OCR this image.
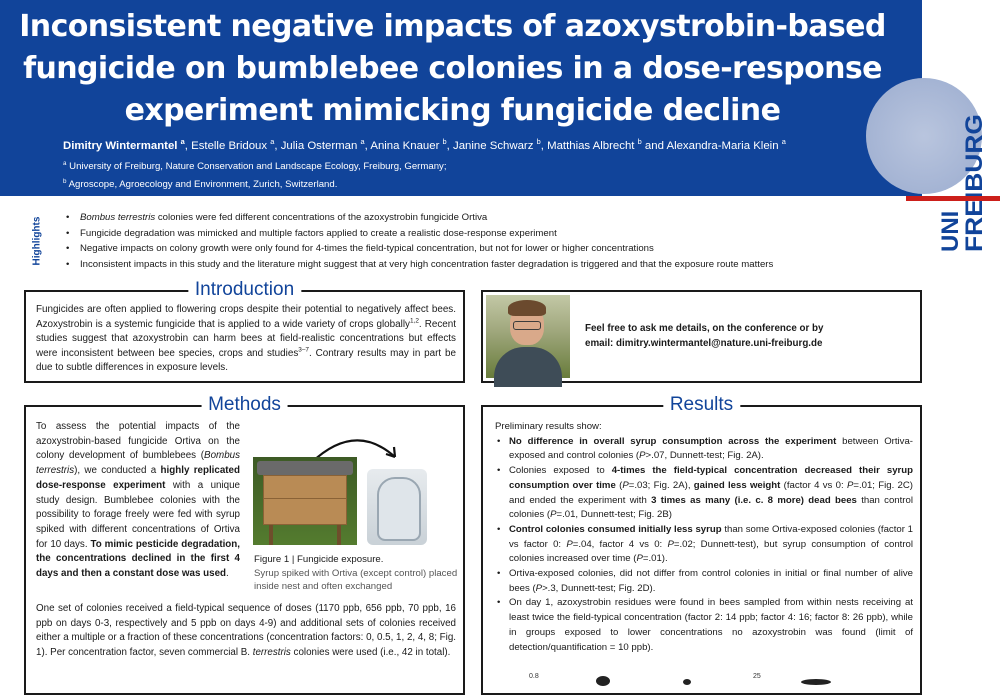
Inconsistent negative impacts of azoxystrobin-based
fungicide on bumblebee colonies in a dose-response
experiment mimicking fungicide decline
Dimitry Wintermantel $^a$, Estelle Bridoux $^a$, Julia Osterman $^a$, Anina Knauer $^b$, Janine Schwarz $^b$, Matthias Albrecht $^b$ and Alexandra-Maria Klein $^a$
$^a$ University of Freiburg, Nature Conservation and Landscape Ecology, Freiburg, Germany;
$^b$ Agroscope, Agroecology and Environment, Zurich, Switzerland.
UNI
FREIBURG
Highlights
•	Bombus terrestris colonies were fed different concentrations of the azoxystrobin fungicide Ortiva
• Fungicide degradation was mimicked and multiple factors applied to create a realistic dose-response experiment
• Negative impacts on colony growth were only found for 4-times the field-typical concentration, but not for lower or higher concentrations
• Inconsistent impacts in this study and the literature might suggest that at very high concentration faster degradation is triggered and that the exposure route matters
Introduction

Fungicides are often applied to flowering crops despite their potential to negatively affect bees. Azoxystrobin is a systemic fungicide that is applied to a wide variety of crops globally$^{1,2}$. Recent studies suggest that azoxystrobin can harm bees at field-realistic concentrations but effects were inconsistent between bee species, crops and studies$^{3-7}$. Contrary results may in part be due to subtle differences in exposure levels.

Feel free to ask me details, on the conference or by
email: dimitry.wintermantel@nature.uni-freiburg.de
Methods

To assess the potential impacts of the azoxystrobin-based fungicide Ortiva on the colony development of bumblebees (Bombus terrestris), we conducted a highly replicated dose-response experiment with a unique study design. Bumblebee colonies with the possibility to forage freely were fed with syrup spiked with different concentrations of Ortiva for 10 days. To mimic pesticide degradation, the concentrations declined in the first 4 days and then a constant dose was used.

Figure 1 | Fungicide exposure.
Syrup spiked with Ortiva (except control) placed inside nest and often exchanged

One set of colonies received a field-typical sequence of doses (1170 ppb, 656 ppb, 70 ppb, 16 ppb on days 0-3, respectively and 5 ppb on days 4-9) and additional sets of colonies received either a multiple or a fraction of these concentrations (concentration factors: 0, 0.5, 1, 2, 4, 8; Fig. 1). Per concentration factor, seven commercial B. terrestris colonies were used (i.e., 42 in total).

Results
Preliminary results show:
• No difference in overall syrup consumption across the experiment between Ortiva-exposed and control colonies (P>.07, Dunnett-test; Fig. 2A).
• Colonies exposed to 4-times the field-typical concentration decreased their syrup consumption over time (P=.03; Fig. 2A), gained less weight (factor 4 vs 0: P=.01; Fig. 2C) and ended the experiment with 3 times as many (i.e. c. 8 more) dead bees than control colonies (P=.01, Dunnett-test; Fig. 2B)
• Control colonies consumed initially less syrup than some Ortiva-exposed colonies (factor 1 vs factor 0: P=.04, factor 4 vs 0: P=.02; Dunnett-test), but syrup consumption of control colonies increased over time (P=.01).
• Ortiva-exposed colonies, did not differ from control colonies in initial or final number of alive bees (P>.3, Dunnett-test; Fig. 2D).
• On day 1, azoxystrobin residues were found in bees sampled from within nests receiving at least twice the field-typical concentration (factor 2: 14 ppb; factor 4: 16; factor 8: 26 ppb), while in groups exposed to lower concentrations no azoxystrobin was found (limit of detection/quantification = 10 ppb).
0.8	25
